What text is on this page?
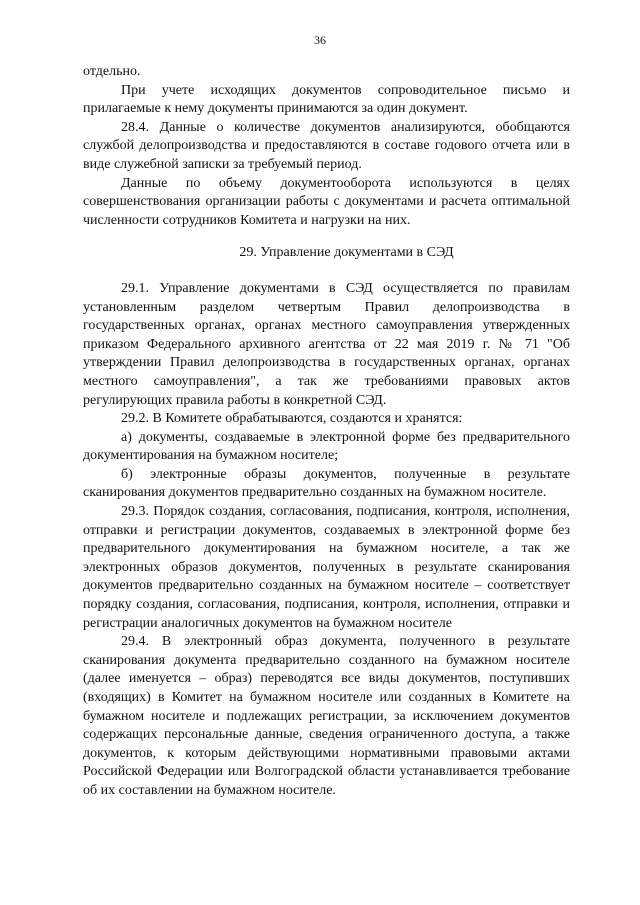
36

отдельно.

При учете исходящих документов сопроводительное письмо и прилагаемые к нему документы принимаются за один документ.

28.4. Данные о количестве документов анализируются, обобщаются службой делопроизводства и предоставляются в составе годового отчета или в виде служебной записки за требуемый период.

Данные по объему документооборота используются в целях совершенствования организации работы с документами и расчета оптимальной численности сотрудников Комитета и нагрузки на них.

29. Управление документами в СЭД

29.1. Управление документами в СЭД осуществляется по правилам установленным разделом четвертым Правил делопроизводства в государственных органах, органах местного самоуправления утвержденных приказом Федерального архивного агентства от 22 мая 2019 г. № 71 "Об утверждении Правил делопроизводства в государственных органах, органах местного самоуправления", а так же требованиями правовых актов регулирующих правила работы в конкретной СЭД.

29.2. В Комитете обрабатываются, создаются и хранятся:

а) документы, создаваемые в электронной форме без предварительного документирования на бумажном носителе;

б) электронные образы документов, полученные в результате сканирования документов предварительно созданных на бумажном носителе.

29.3. Порядок создания, согласования, подписания, контроля, исполнения, отправки и регистрации документов, создаваемых в электронной форме без предварительного документирования на бумажном носителе, а так же электронных образов документов, полученных в результате сканирования документов предварительно созданных на бумажном носителе – соответствует порядку создания, согласования, подписания, контроля, исполнения, отправки и регистрации аналогичных документов на бумажном носителе

29.4. В электронный образ документа, полученного в результате сканирования документа предварительно созданного на бумажном носителе (далее именуется – образ) переводятся все виды документов, поступивших (входящих) в Комитет на бумажном носителе или созданных в Комитете на бумажном носителе и подлежащих регистрации, за исключением документов содержащих персональные данные, сведения ограниченного доступа, а также документов, к которым действующими нормативными правовыми актами Российской Федерации или Волгоградской области устанавливается требование об их составлении на бумажном носителе.
